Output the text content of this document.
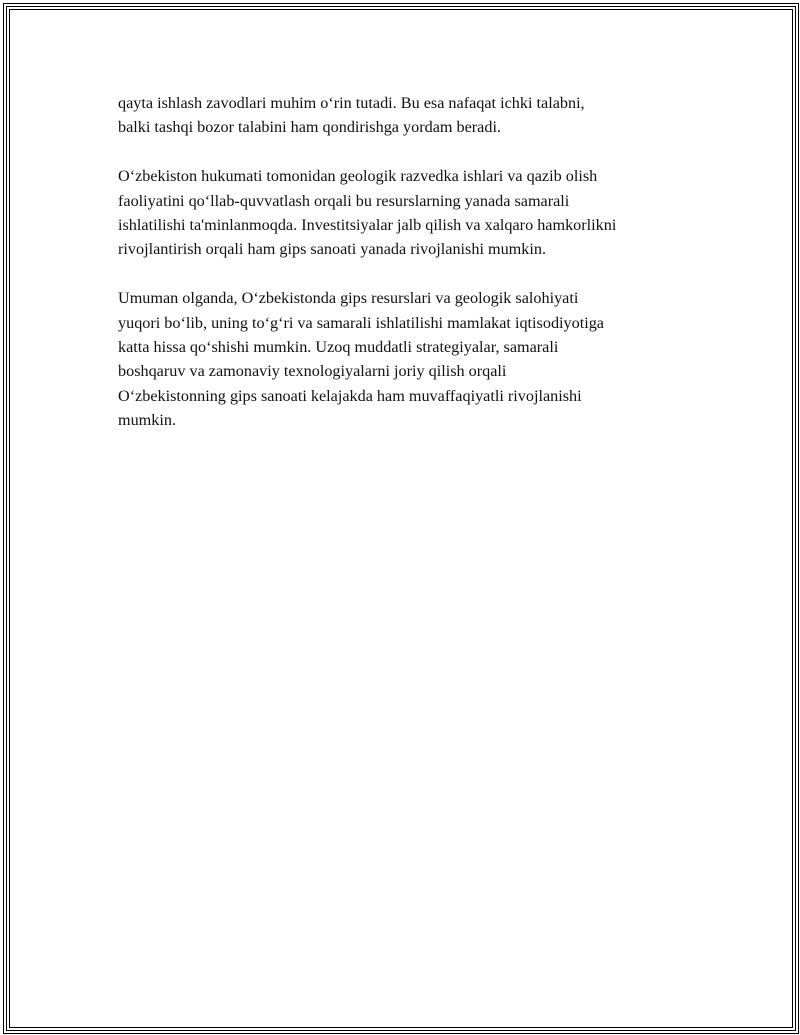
qayta ishlash zavodlari muhim o‘rin tutadi. Bu esa nafaqat ichki talabni,
balki tashqi bozor talabini ham qondirishga yordam beradi.

O‘zbekiston hukumati tomonidan geologik razvedka ishlari va qazib olish
faoliyatini qo‘llab-quvvatlash orqali bu resurslarning yanada samarali
ishlatilishi ta'minlanmoqda. Investitsiyalar jalb qilish va xalqaro hamkorlikni
rivojlantirish orqali ham gips sanoati yanada rivojlanishi mumkin.

Umuman olganda, O‘zbekistonda gips resurslari va geologik salohiyati
yuqori bo‘lib, uning to‘g‘ri va samarali ishlatilishi mamlakat iqtisodiyotiga
katta hissa qo‘shishi mumkin. Uzoq muddatli strategiyalar, samarali
boshqaruv va zamonaviy texnologiyalarni joriy qilish orqali
O‘zbekistonning gips sanoati kelajakda ham muvaffaqiyatli rivojlanishi
mumkin.
